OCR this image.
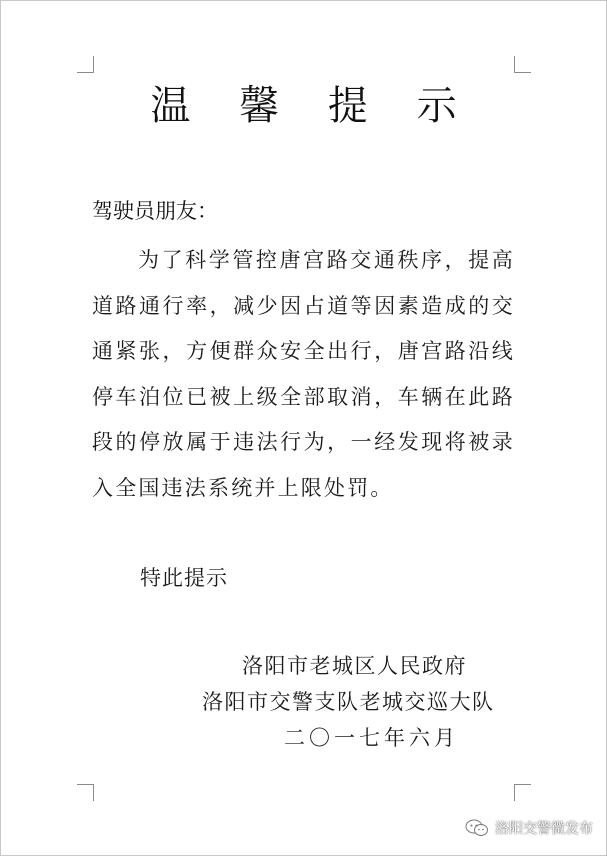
温 馨 提 示
驾驶员朋友：

为了科学管控唐宫路交通秩序，提高道路通行率，减少因占道等因素造成的交通紧张，方便群众安全出行，唐宫路沿线停车泊位已被上级全部取消，车辆在此路段的停放属于违法行为，一经发现将被录入全国违法系统并上限处罚。

特此提示
洛阳市老城区人民政府
洛阳市交警支队老城交巡大队
二〇一七年六月
洛阳交警微发布
